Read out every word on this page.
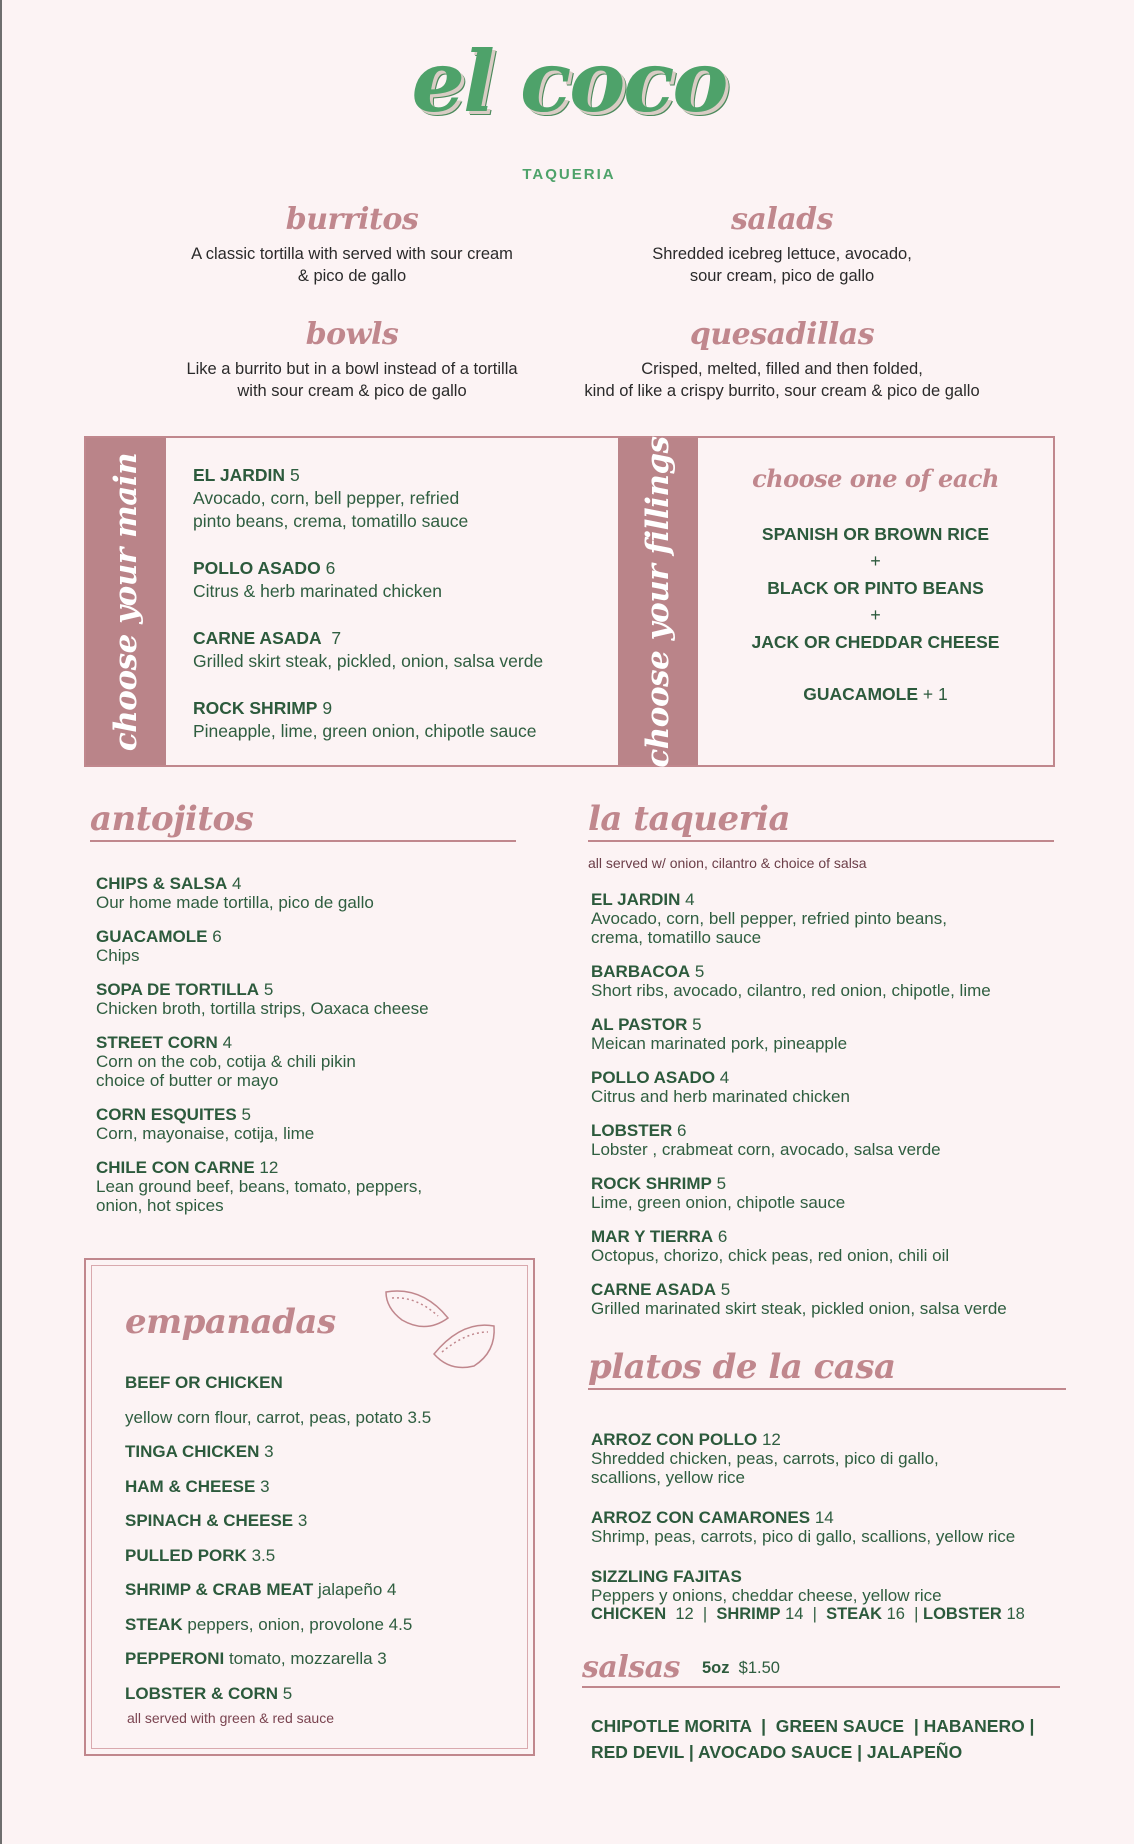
el coco
TAQUERIA
burritos

A classic tortilla with served with sour cream

& pico de gallo

salads

Shredded icebreg lettuce, avocado,

sour cream, pico de gallo

bowls

Like a burrito but in a bowl instead of a tortilla

with sour cream & pico de gallo

quesadillas

Crisped, melted, filled and then folded,

kind of like a crispy burrito, sour cream & pico de gallo

choose your main	EL JARDIN 5
Avocado, corn, bell pepper, refried
pinto beans, crema, tomatillo sauce
POLLO ASADO 6
Citrus & herb marinated chicken
CARNE ASADA 7
Grilled skirt steak, pickled, onion, salsa verde
ROCK SHRIMP 9
Pineapple, lime, green onion, chipotle sauce	choose your fillings	choose one of each
SPANISH OR BROWN RICE
+
BLACK OR PINTO BEANS
+
JACK OR CHEDDAR CHEESE
GUACAMOLE + 1
antojitos
CHIPS & SALSA 4
Our home made tortilla, pico de gallo
GUACAMOLE 6
Chips
SOPA DE TORTILLA 5
Chicken broth, tortilla strips, Oaxaca cheese
STREET CORN 4
Corn on the cob, cotija & chili pikin
choice of butter or mayo
CORN ESQUITES 5
Corn, mayonaise, cotija, lime
CHILE CON CARNE 12
Lean ground beef, beans, tomato, peppers,
onion, hot spices
empanadas
BEEF OR CHICKEN
yellow corn flour, carrot, peas, potato 3.5
TINGA CHICKEN 3
HAM & CHEESE 3
SPINACH & CHEESE 3
PULLED PORK 3.5
SHRIMP & CRAB MEAT jalapeño 4
STEAK peppers, onion, provolone 4.5
PEPPERONI tomato, mozzarella 3
LOBSTER & CORN 5
all served with green & red sauce
la taqueria
all served w/ onion, cilantro & choice of salsa
EL JARDIN 4
Avocado, corn, bell pepper, refried pinto beans,
crema, tomatillo sauce
BARBACOA 5
Short ribs, avocado, cilantro, red onion, chipotle, lime
AL PASTOR 5
Meican marinated pork, pineapple
POLLO ASADO 4
Citrus and herb marinated chicken
LOBSTER 6
Lobster , crabmeat corn, avocado, salsa verde
ROCK SHRIMP 5
Lime, green onion, chipotle sauce
MAR Y TIERRA 6
Octopus, chorizo, chick peas, red onion, chili oil
CARNE ASADA 5
Grilled marinated skirt steak, pickled onion, salsa verde
platos de la casa
ARROZ CON POLLO 12
Shredded chicken, peas, carrots, pico di gallo,
scallions, yellow rice
ARROZ CON CAMARONES 14
Shrimp, peas, carrots, pico di gallo, scallions, yellow rice
SIZZLING FAJITAS
Peppers y onions, cheddar cheese, yellow rice
CHICKEN 12  |  SHRIMP 14  |  STEAK 16  | LOBSTER 18
salsas 5oz $1.50
CHIPOTLE MORITA  |  GREEN SAUCE  | HABANERO |
RED DEVIL | AVOCADO SAUCE | JALAPEÑO
